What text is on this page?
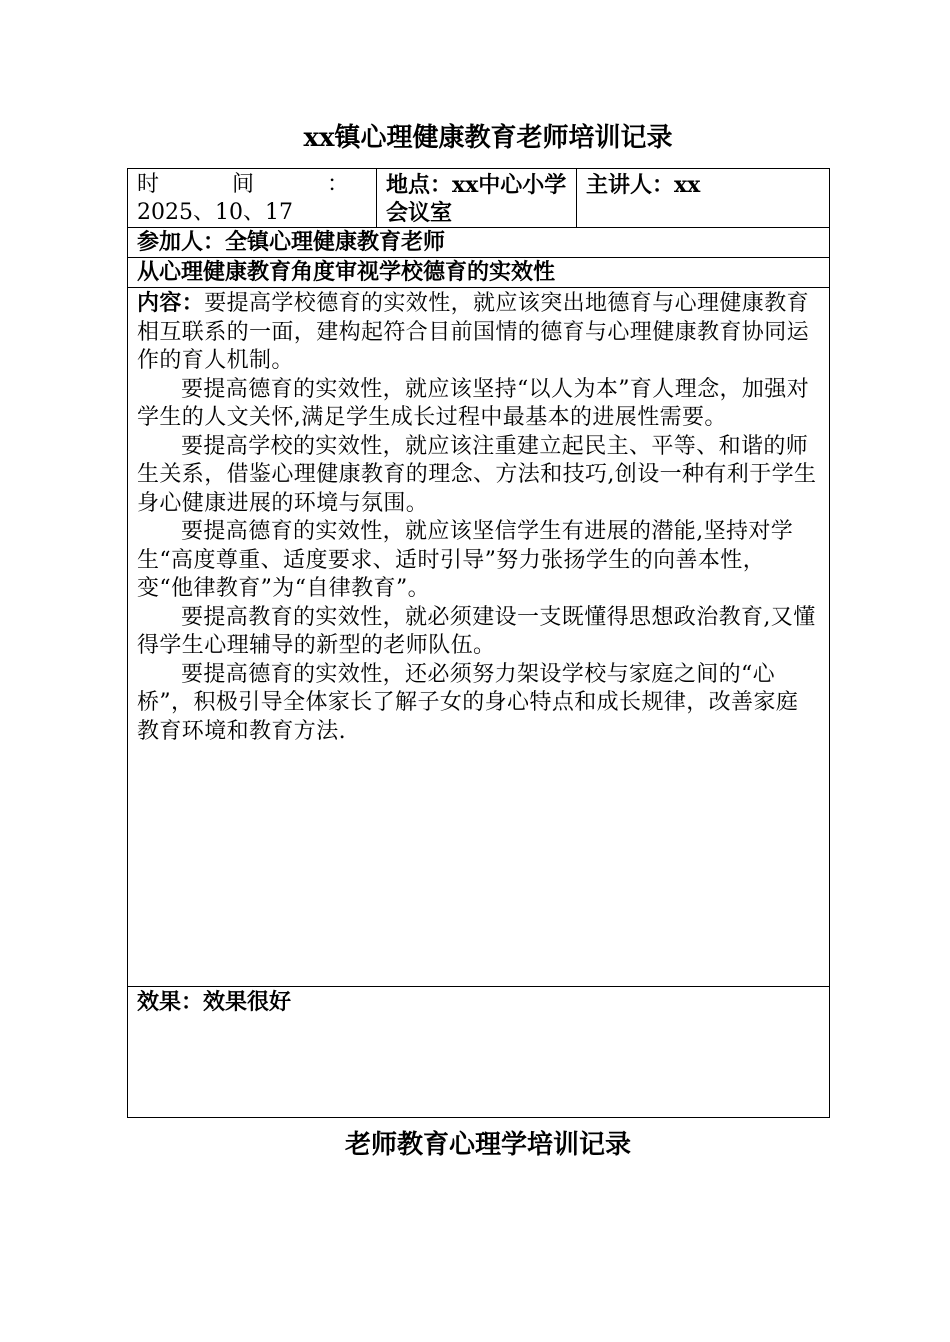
xx镇心理健康教育老师培训记录
时	间	：
2025、10、17
地点：xx中心小学会议室
主讲人：xx
参加人：全镇心理健康教育老师
从心理健康教育角度审视学校德育的实效性

内容：要提高学校德育的实效性，就应该突出地德育与心理健康教育相互联系的一面，建构起符合目前国情的德育与心理健康教育协同运作的育人机制。

要提高德育的实效性，就应该坚持“以人为本”育人理念，加强对学生的人文关怀,满足学生成长过程中最基本的进展性需要。

要提高学校的实效性，就应该注重建立起民主、平等、和谐的师生关系，借鉴心理健康教育的理念、方法和技巧,创设一种有利于学生身心健康进展的环境与氛围。

要提高德育的实效性，就应该坚信学生有进展的潜能,坚持对学生“高度尊重、适度要求、适时引导”努力张扬学生的向善本性，变“他律教育”为“自律教育”。

要提高教育的实效性，就必须建设一支既懂得思想政治教育,又懂得学生心理辅导的新型的老师队伍。

要提高德育的实效性，还必须努力架设学校与家庭之间的“心桥”，积极引导全体家长了解子女的身心特点和成长规律，改善家庭教育环境和教育方法.

效果：效果很好
老师教育心理学培训记录
